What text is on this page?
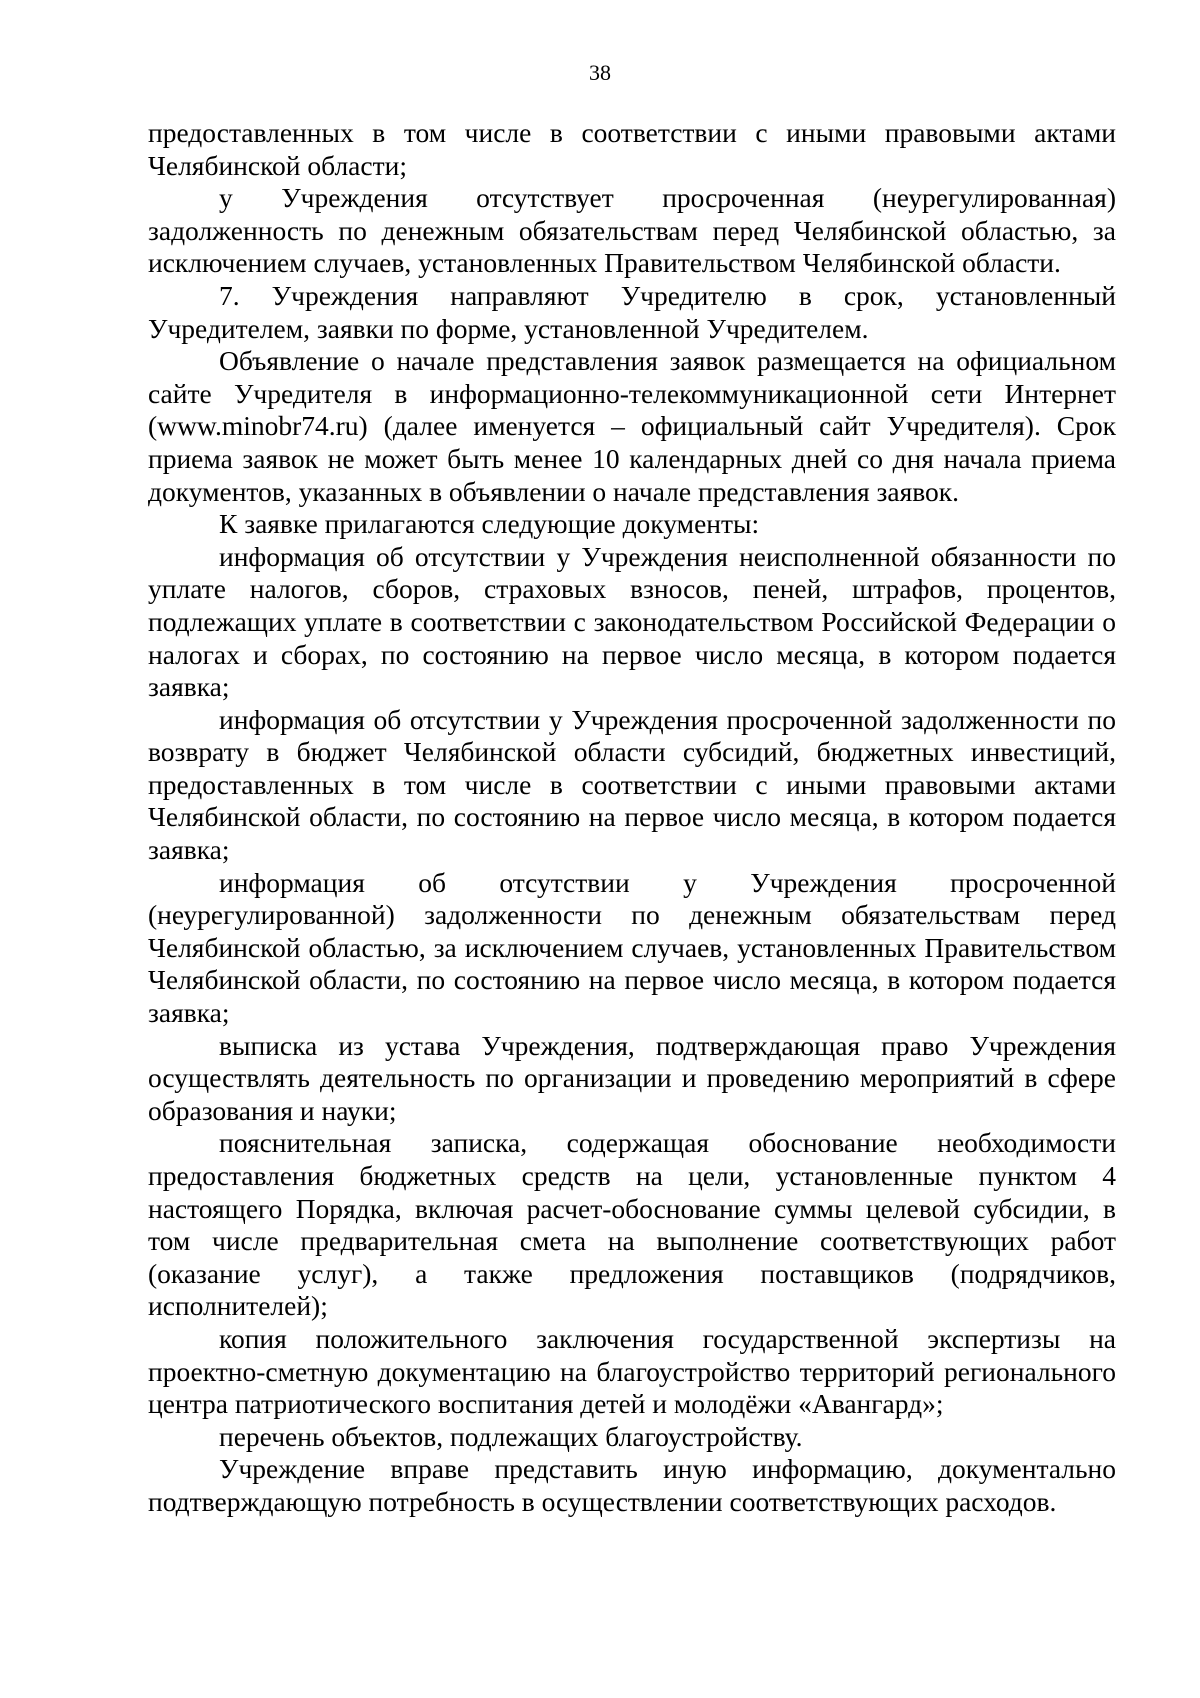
38

предоставленных в том числе в соответствии с иными правовыми актами Челябинской области;

у Учреждения отсутствует просроченная (неурегулированная) задолженность по денежным обязательствам перед Челябинской областью, за исключением случаев, установленных Правительством Челябинской области.

7. Учреждения направляют Учредителю в срок, установленный Учредителем, заявки по форме, установленной Учредителем.

Объявление о начале представления заявок размещается на официальном сайте Учредителя в информационно-телекоммуникационной сети Интернет (www.minobr74.ru) (далее именуется – официальный сайт Учредителя). Срок приема заявок не может быть менее 10 календарных дней со дня начала приема документов, указанных в объявлении о начале представления заявок.

К заявке прилагаются следующие документы:

информация об отсутствии у Учреждения неисполненной обязанности по уплате налогов, сборов, страховых взносов, пеней, штрафов, процентов, подлежащих уплате в соответствии с законодательством Российской Федерации о налогах и сборах, по состоянию на первое число месяца, в котором подается заявка;

информация об отсутствии у Учреждения просроченной задолженности по возврату в бюджет Челябинской области субсидий, бюджетных инвестиций, предоставленных в том числе в соответствии с иными правовыми актами Челябинской области, по состоянию на первое число месяца, в котором подается заявка;

информация об отсутствии у Учреждения просроченной (неурегулированной) задолженности по денежным обязательствам перед Челябинской областью, за исключением случаев, установленных Правительством Челябинской области, по состоянию на первое число месяца, в котором подается заявка;

выписка из устава Учреждения, подтверждающая право Учреждения осуществлять деятельность по организации и проведению мероприятий в сфере образования и науки;

пояснительная записка, содержащая обоснование необходимости предоставления бюджетных средств на цели, установленные пунктом 4 настоящего Порядка, включая расчет-обоснование суммы целевой субсидии, в том числе предварительная смета на выполнение соответствующих работ (оказание услуг), а также предложения поставщиков (подрядчиков, исполнителей);

копия положительного заключения государственной экспертизы на проектно-сметную документацию на благоустройство территорий регионального центра патриотического воспитания детей и молодёжи «Авангард»;

перечень объектов, подлежащих благоустройству.

Учреждение вправе представить иную информацию, документально подтверждающую потребность в осуществлении соответствующих расходов.
